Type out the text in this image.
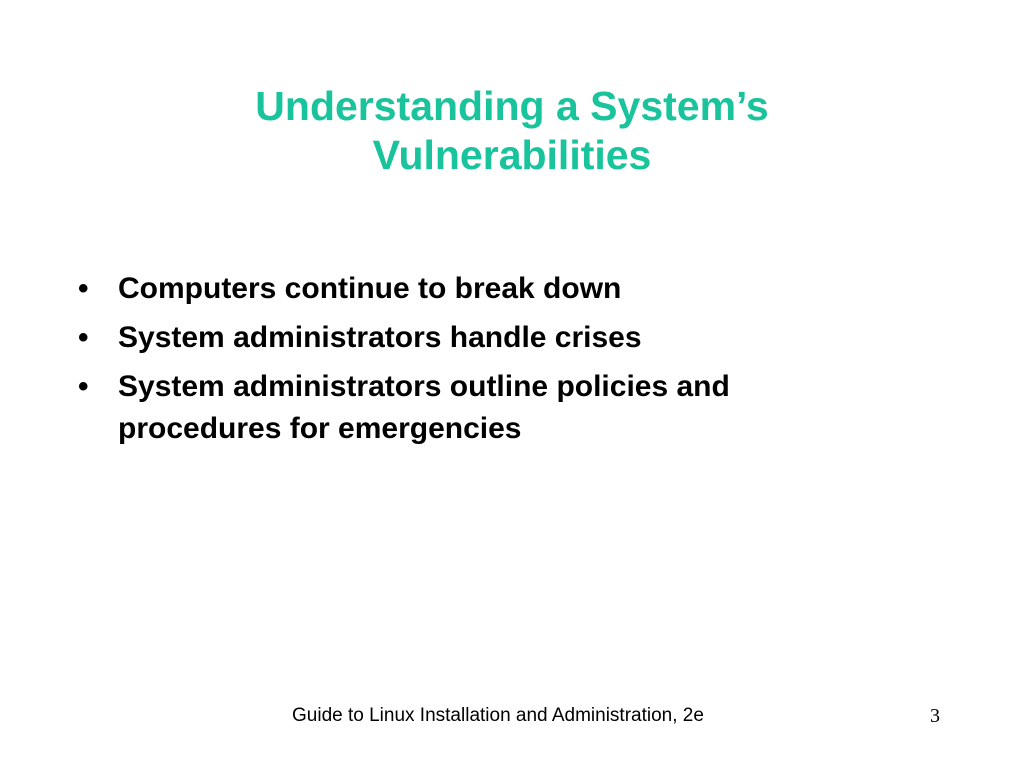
Understanding a System’s
Vulnerabilities
• Computers continue to break down
• System administrators handle crises
• System administrators outline policies and procedures for emergencies
Guide to Linux Installation and Administration, 2e	3
